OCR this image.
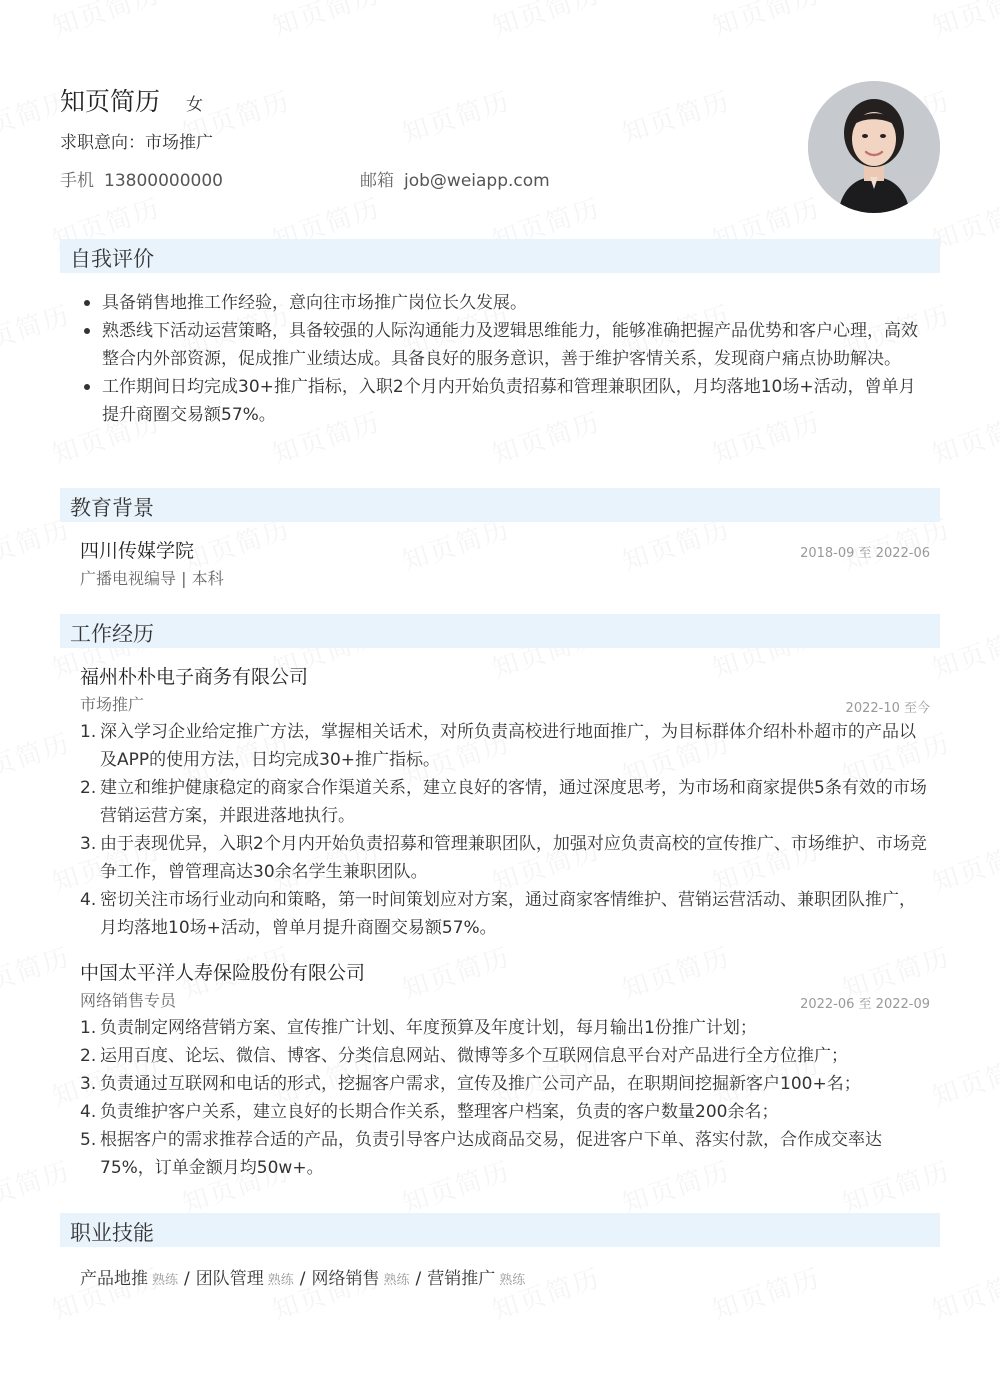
知页简历 女
求职意向：市场推广
手机 13800000000	邮箱 job@weiapp.com
自我评价
具备销售地推工作经验，意向往市场推广岗位长久发展。
熟悉线下活动运营策略，具备较强的人际沟通能力及逻辑思维能力，能够准确把握产品优势和客户心理，高效整合内外部资源，促成推广业绩达成。具备良好的服务意识，善于维护客情关系，发现商户痛点协助解决。
工作期间日均完成30+推广指标，入职2个月内开始负责招募和管理兼职团队，月均落地10场+活动，曾单月提升商圈交易额57%。
教育背景
四川传媒学院	2018-09 至 2022-06
广播电视编导 | 本科
工作经历
福州朴朴电子商务有限公司
市场推广	2022-10 至今
1. 深入学习企业给定推广方法，掌握相关话术，对所负责高校进行地面推广，为目标群体介绍朴朴超市的产品以及APP的使用方法，日均完成30+推广指标。
2. 建立和维护健康稳定的商家合作渠道关系，建立良好的客情，通过深度思考，为市场和商家提供5条有效的市场营销运营方案，并跟进落地执行。
3. 由于表现优异，入职2个月内开始负责招募和管理兼职团队，加强对应负责高校的宣传推广、市场维护、市场竞争工作，曾管理高达30余名学生兼职团队。
4. 密切关注市场行业动向和策略，第一时间策划应对方案，通过商家客情维护、营销运营活动、兼职团队推广，月均落地10场+活动，曾单月提升商圈交易额57%。
中国太平洋人寿保险股份有限公司
网络销售专员	2022-06 至 2022-09
1. 负责制定网络营销方案、宣传推广计划、年度预算及年度计划，每月输出1份推广计划；
2. 运用百度、论坛、微信、博客、分类信息网站、微博等多个互联网信息平台对产品进行全方位推广；
3. 负责通过互联网和电话的形式，挖掘客户需求，宣传及推广公司产品，在职期间挖掘新客户100+名；
4. 负责维护客户关系，建立良好的长期合作关系，整理客户档案，负责的客户数量200余名；
5. 根据客户的需求推荐合适的产品，负责引导客户达成商品交易，促进客户下单、落实付款，合作成交率达75%，订单金额月均50w+。
职业技能
产品地推 熟练 / 团队管理 熟练 / 网络销售 熟练 / 营销推广 熟练
